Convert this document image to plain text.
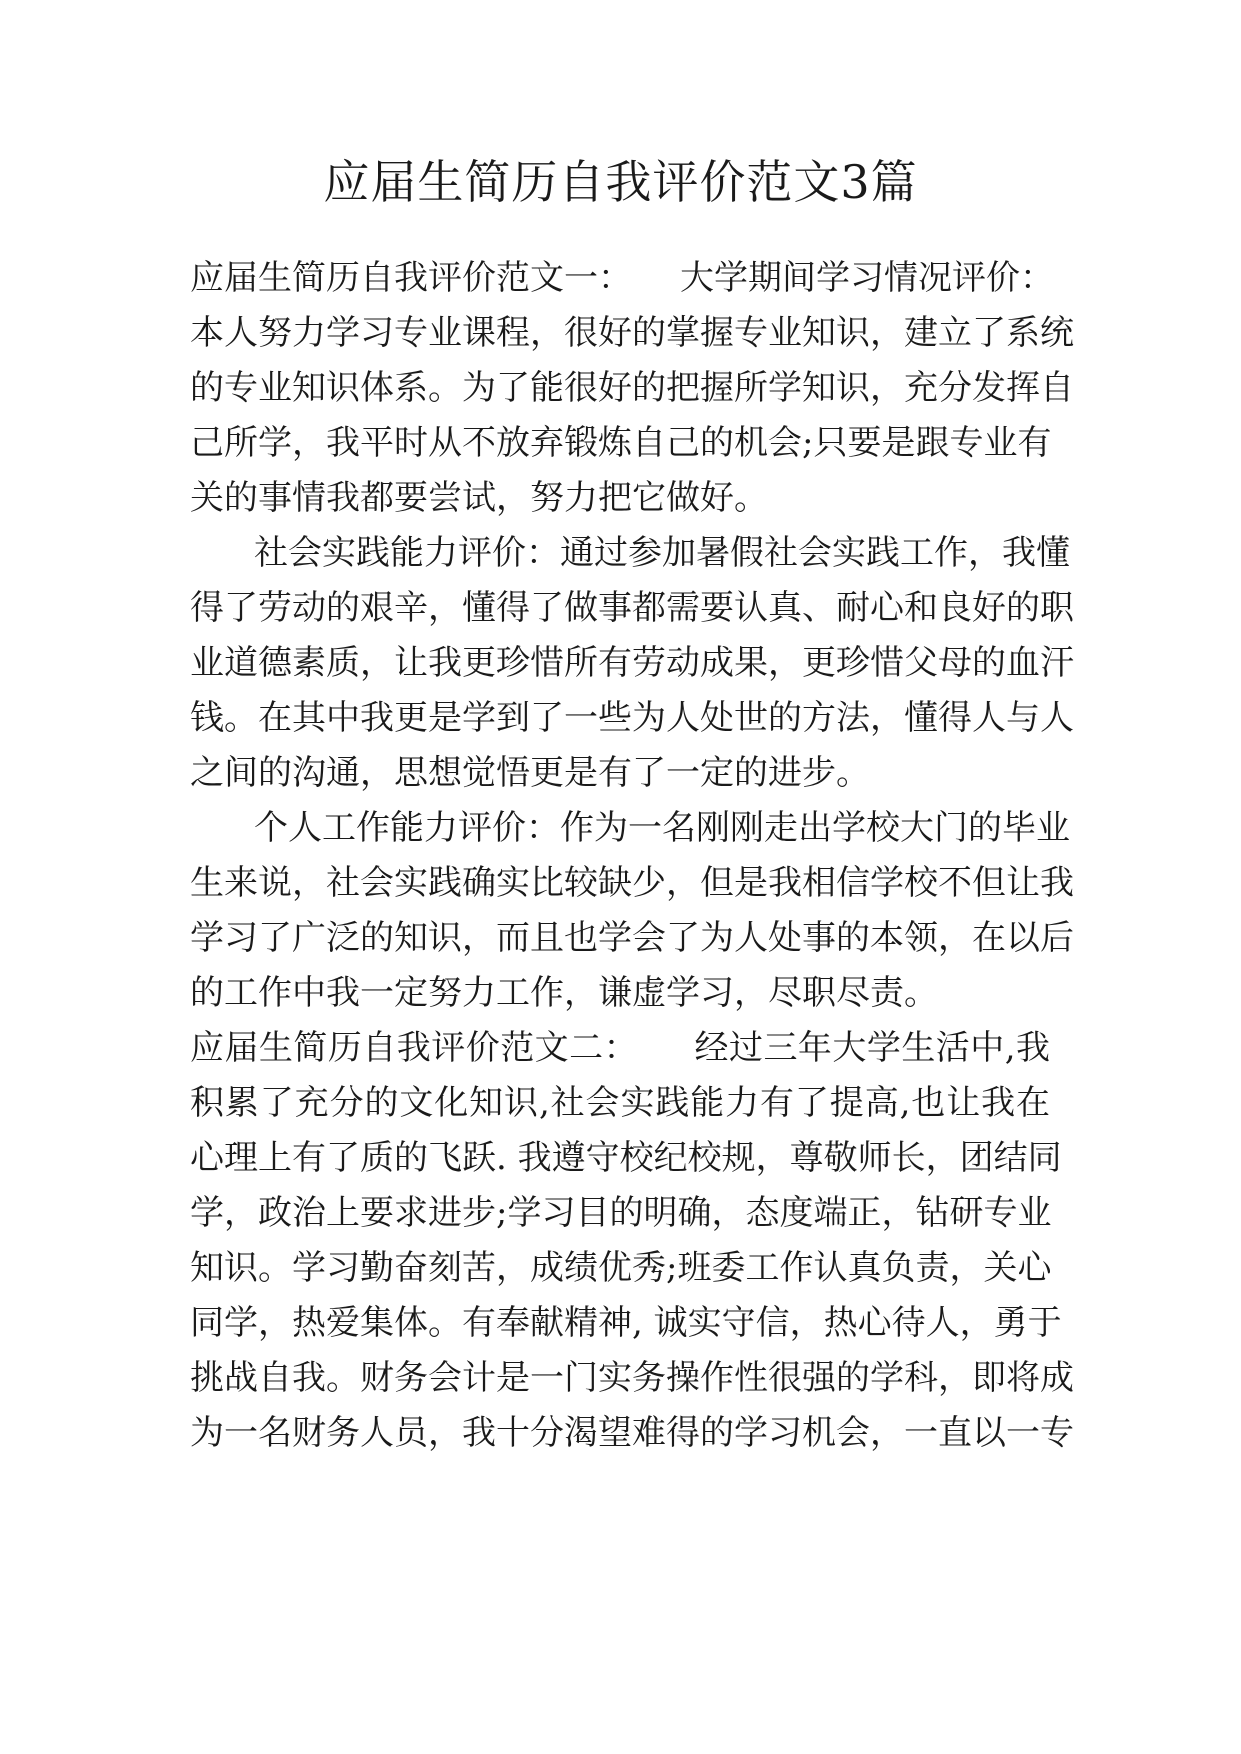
应届生简历自我评价范文3篇
应届生简历自我评价范文一： 大学期间学习情况评价：
本人努力学习专业课程，很好的掌握专业知识，建立了系统
的专业知识体系。为了能很好的把握所学知识，充分发挥自
己所学，我平时从不放弃锻炼自己的机会;只要是跟专业有
关的事情我都要尝试，努力把它做好。
社会实践能力评价：通过参加暑假社会实践工作，我懂
得了劳动的艰辛，懂得了做事都需要认真、耐心和良好的职
业道德素质，让我更珍惜所有劳动成果，更珍惜父母的血汗
钱。在其中我更是学到了一些为人处世的方法，懂得人与人
之间的沟通，思想觉悟更是有了一定的进步。
个人工作能力评价：作为一名刚刚走出学校大门的毕业
生来说，社会实践确实比较缺少，但是我相信学校不但让我
学习了广泛的知识，而且也学会了为人处事的本领，在以后
的工作中我一定努力工作，谦虚学习，尽职尽责。
应届生简历自我评价范文二： 经过三年大学生活中,我
积累了充分的文化知识,社会实践能力有了提高,也让我在
心理上有了质的飞跃. 我遵守校纪校规，尊敬师长，团结同
学，政治上要求进步;学习目的明确，态度端正，钻研专业
知识。学习勤奋刻苦，成绩优秀;班委工作认真负责，关心
同学，热爱集体。有奉献精神, 诚实守信，热心待人，勇于
挑战自我。财务会计是一门实务操作性很强的学科，即将成
为一名财务人员，我十分渴望难得的学习机会，一直以一专
